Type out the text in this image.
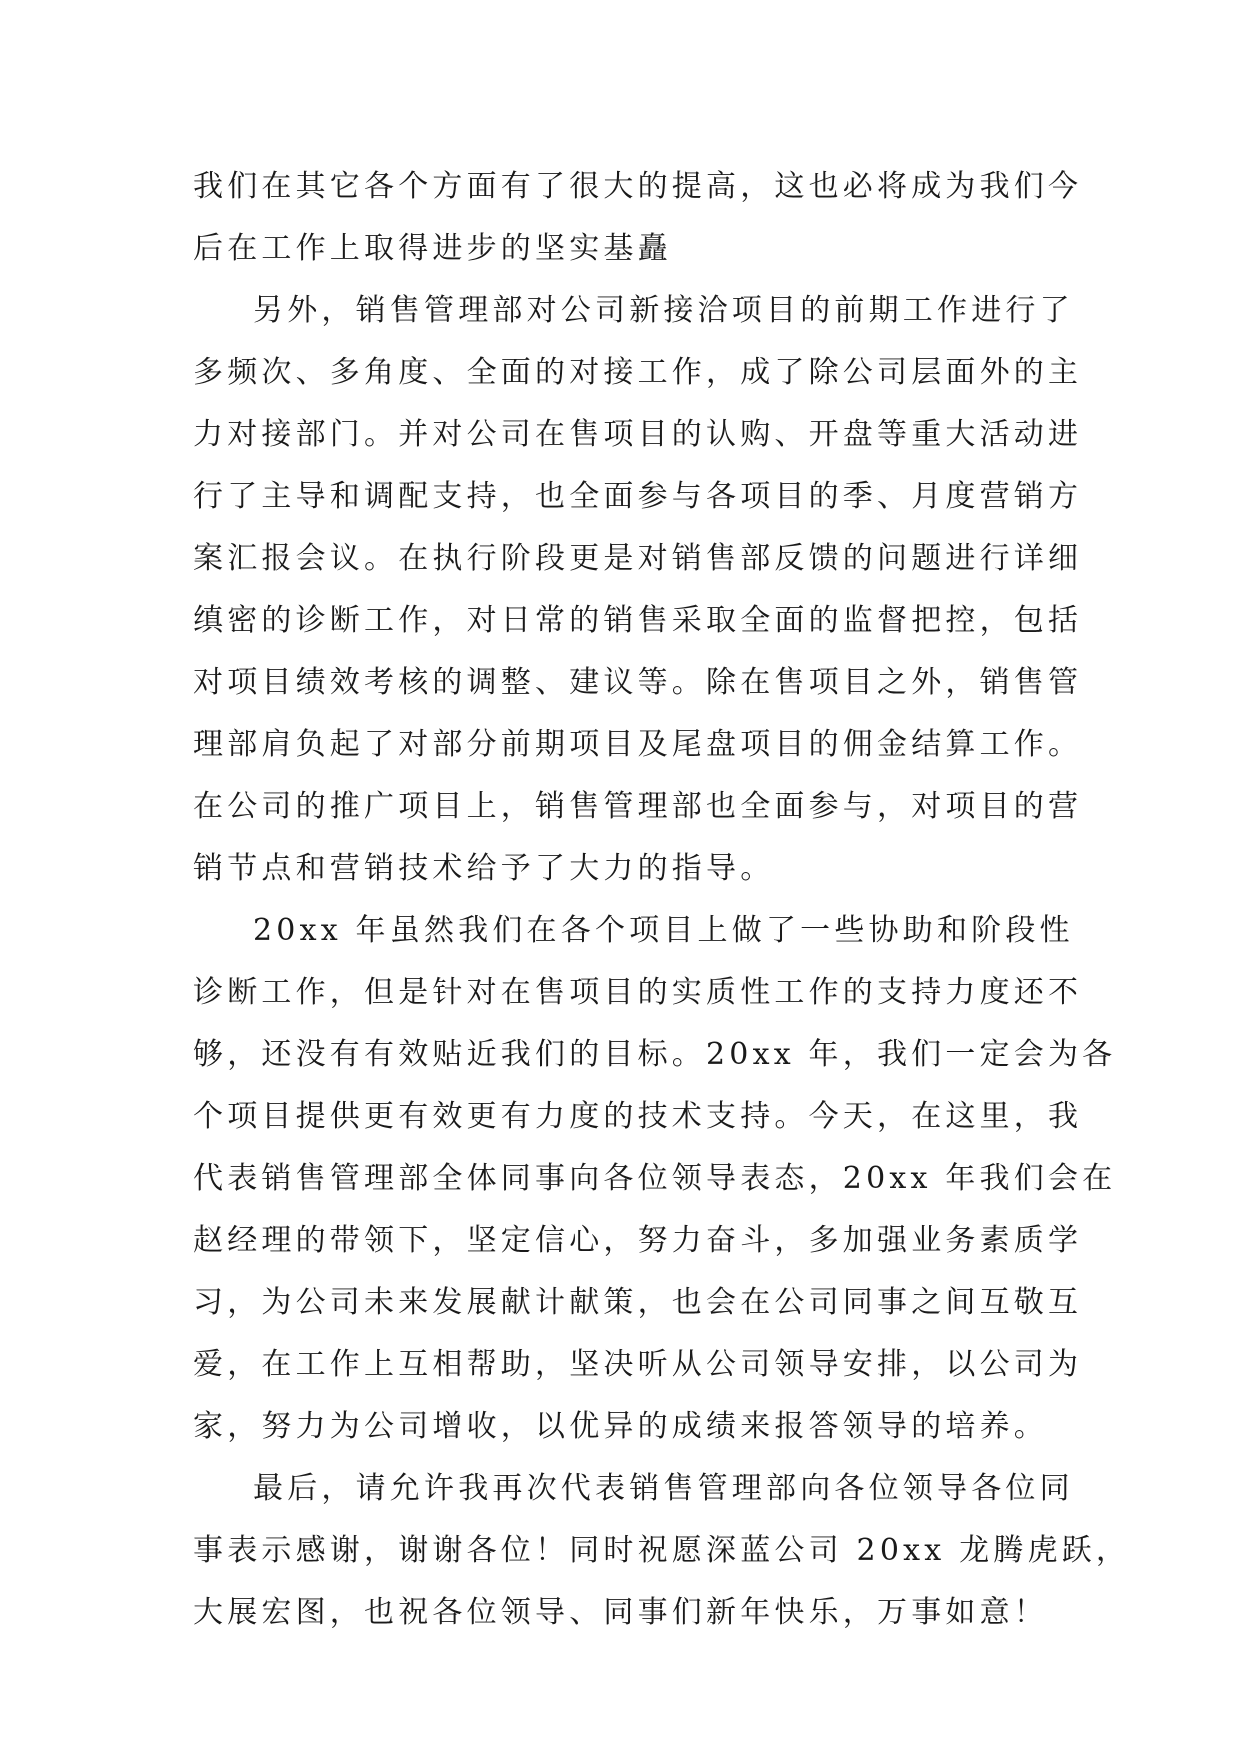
我们在其它各个方面有了很大的提高，这也必将成为我们今
后在工作上取得进步的坚实基矗
另外，销售管理部对公司新接洽项目的前期工作进行了
多频次、多角度、全面的对接工作，成了除公司层面外的主
力对接部门。并对公司在售项目的认购、开盘等重大活动进
行了主导和调配支持，也全面参与各项目的季、月度营销方
案汇报会议。在执行阶段更是对销售部反馈的问题进行详细
缜密的诊断工作，对日常的销售采取全面的监督把控，包括
对项目绩效考核的调整、建议等。除在售项目之外，销售管
理部肩负起了对部分前期项目及尾盘项目的佣金结算工作。
在公司的推广项目上，销售管理部也全面参与，对项目的营
销节点和营销技术给予了大力的指导。
20xx 年虽然我们在各个项目上做了一些协助和阶段性
诊断工作，但是针对在售项目的实质性工作的支持力度还不
够，还没有有效贴近我们的目标。20xx 年，我们一定会为各
个项目提供更有效更有力度的技术支持。今天，在这里，我
代表销售管理部全体同事向各位领导表态，20xx 年我们会在
赵经理的带领下，坚定信心，努力奋斗，多加强业务素质学
习，为公司未来发展献计献策，也会在公司同事之间互敬互
爱，在工作上互相帮助，坚决听从公司领导安排，以公司为
家，努力为公司增收，以优异的成绩来报答领导的培养。
最后，请允许我再次代表销售管理部向各位领导各位同
事表示感谢，谢谢各位！同时祝愿深蓝公司 20xx 龙腾虎跃，
大展宏图，也祝各位领导、同事们新年快乐，万事如意！
